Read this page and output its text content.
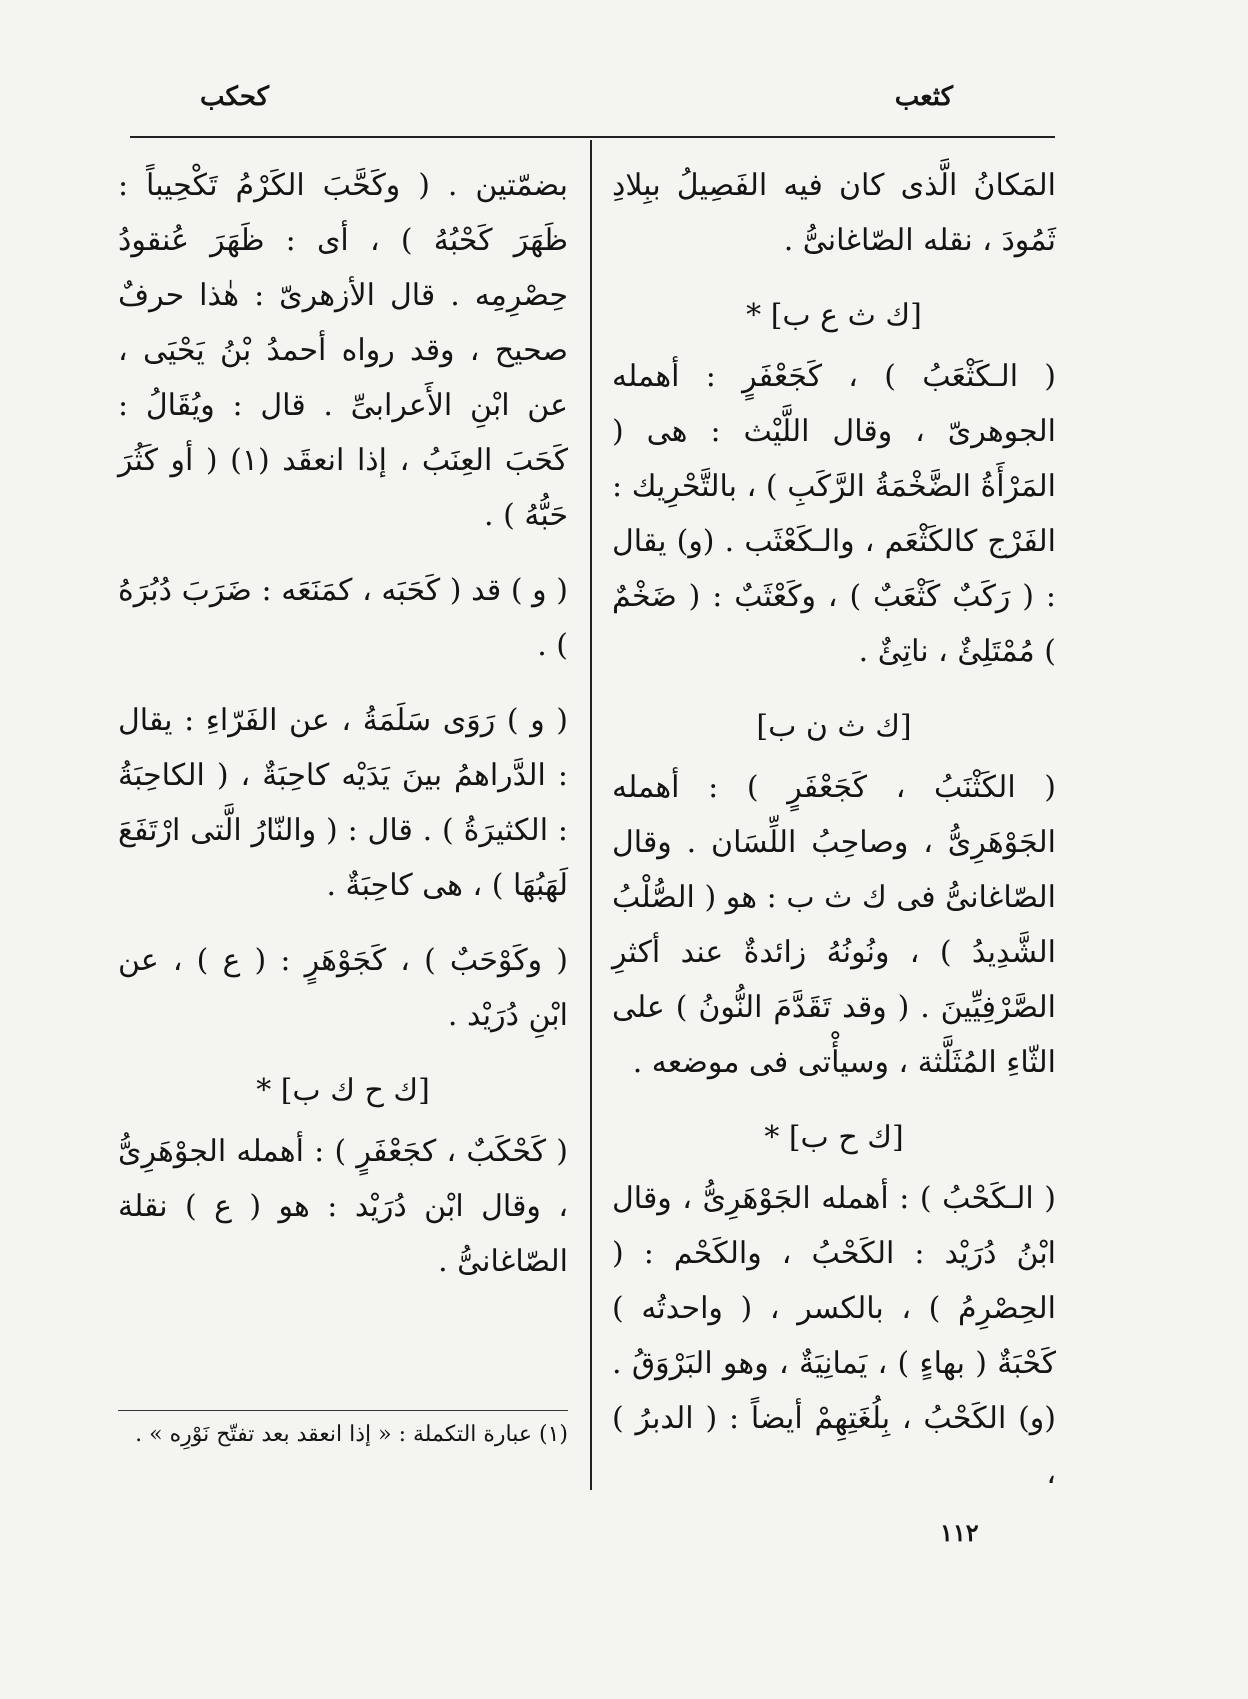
كثعب
كحكب

المَكانُ الَّذى كان فيه الفَصِيلُ ببِلادِ ثَمُودَ ، نقله الصّاغانىُّ .

[ك ث ع ب] *

( الـكَثْعَبُ ) ، كَجَعْفَرٍ : أهمله الجوهرىّ ، وقال اللَّيْث : هى ( المَرْأَةُ الضَّخْمَةُ الرَّكَبِ ) ، بالتَّحْرِيك : الفَرْج كالكَثْعَم ، والـكَعْثَب . (و) يقال : ( رَكَبٌ كَثْعَبٌ ) ، وكَعْثَبٌ : ( ضَخْمٌ ) مُمْتَلِئٌ ، ناتِئٌ .

[ك ث ن ب]

( الكَثْنَبُ ، كَجَعْفَرٍ ) : أهمله الجَوْهَرِىُّ ، وصاحِبُ اللِّسَان . وقال الصّاغانىُّ فى ك ث ب : هو ( الصُّلْبُ الشَّدِيدُ ) ، ونُونُهُ زائدةٌ عند أكثرِ الصَّرْفِيِّينَ . ( وقد تَقَدَّمَ النُّونُ ) على الثّاءِ المُثَلَّثة ، وسيأْتى فى موضعه .

[ك ح ب] *

( الـكَحْبُ ) : أهمله الجَوْهَرِىُّ ، وقال ابْنُ دُرَيْد : الكَحْبُ ، والكَحْم : ( الحِصْرِمُ ) ، بالكسر ، ( واحدتُه ) كَحْبَةٌ ( بهاءٍ ) ، يَمانِيَةٌ ، وهو البَرْوَقُ . (و) الكَحْبُ ، بِلُغَتِهِمْ أيضاً : ( الدبرُ ) ،

بضمّتين . ( وكَحَّبَ الكَرْمُ تَكْحِيباً : ظَهَرَ كَحْبُهُ ) ، أى : ظَهَرَ عُنقودُ حِصْرِمِه . قال الأزهرىّ : هٰذا حرفٌ صحيح ، وقد رواه أحمدُ بْنُ يَحْيَى ، عن ابْنِ الأَعرابىِّ . قال : ويُقَالُ : كَحَبَ العِنَبُ ، إذا انعقَد (١) ( أو كَثُرَ حَبُّهُ ) .

( و ) قد ( كَحَبَه ، كمَنَعَه : ضَرَبَ دُبُرَهُ ) .

( و ) رَوَى سَلَمَةُ ، عن الفَرّاءِ : يقال : الدَّراهمُ بينَ يَدَيْه كاحِبَةٌ ، ( الكاحِبَةُ : الكثيرَةُ ) . قال : ( والنّارُ الَّتى ارْتَفَعَ لَهَبُهَا ) ، هى كاحِبَةٌ .

( وكَوْحَبٌ ) ، كَجَوْهَرٍ : ( ع ) ، عن ابْنِ دُرَيْد .

[ك ح ك ب] *

( كَحْكَبٌ ، كجَعْفَرٍ ) : أهمله الجوْهَرِىُّ ، وقال ابْن دُرَيْد : هو ( ع ) نقلة الصّاغانىُّ .

(١) عبارة التكملة : « إذا انعقد بعد تفتّح نَوْرِه » .
١١٢
